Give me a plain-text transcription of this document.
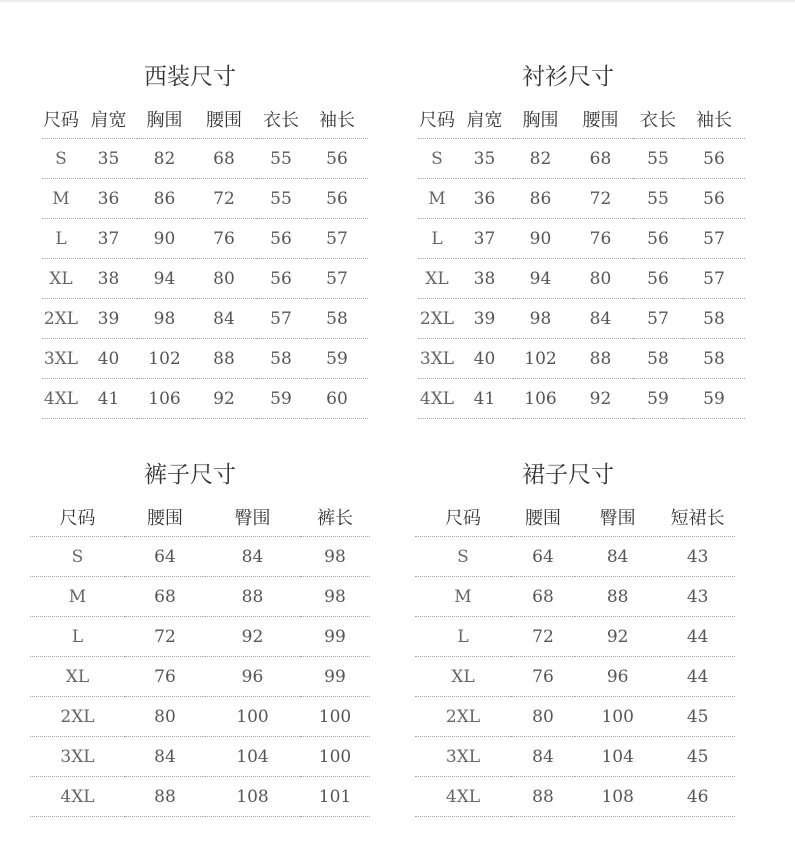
西装尺寸
尺码	肩宽	胸围	腰围	衣长	袖长
S	35	82	68	55	56
M	36	86	72	55	56
L	37	90	76	56	57
XL	38	94	80	56	57
2XL	39	98	84	57	58
3XL	40	102	88	58	59
4XL	41	106	92	59	60
衬衫尺寸
尺码	肩宽	胸围	腰围	衣长	袖长
S	35	82	68	55	56
M	36	86	72	55	56
L	37	90	76	56	57
XL	38	94	80	56	57
2XL	39	98	84	57	58
3XL	40	102	88	58	58
4XL	41	106	92	59	59
裤子尺寸
尺码	腰围	臀围	裤长
S	64	84	98
M	68	88	98
L	72	92	99
XL	76	96	99
2XL	80	100	100
3XL	84	104	100
4XL	88	108	101
裙子尺寸
尺码	腰围	臀围	短裙长
S	64	84	43
M	68	88	43
L	72	92	44
XL	76	96	44
2XL	80	100	45
3XL	84	104	45
4XL	88	108	46
